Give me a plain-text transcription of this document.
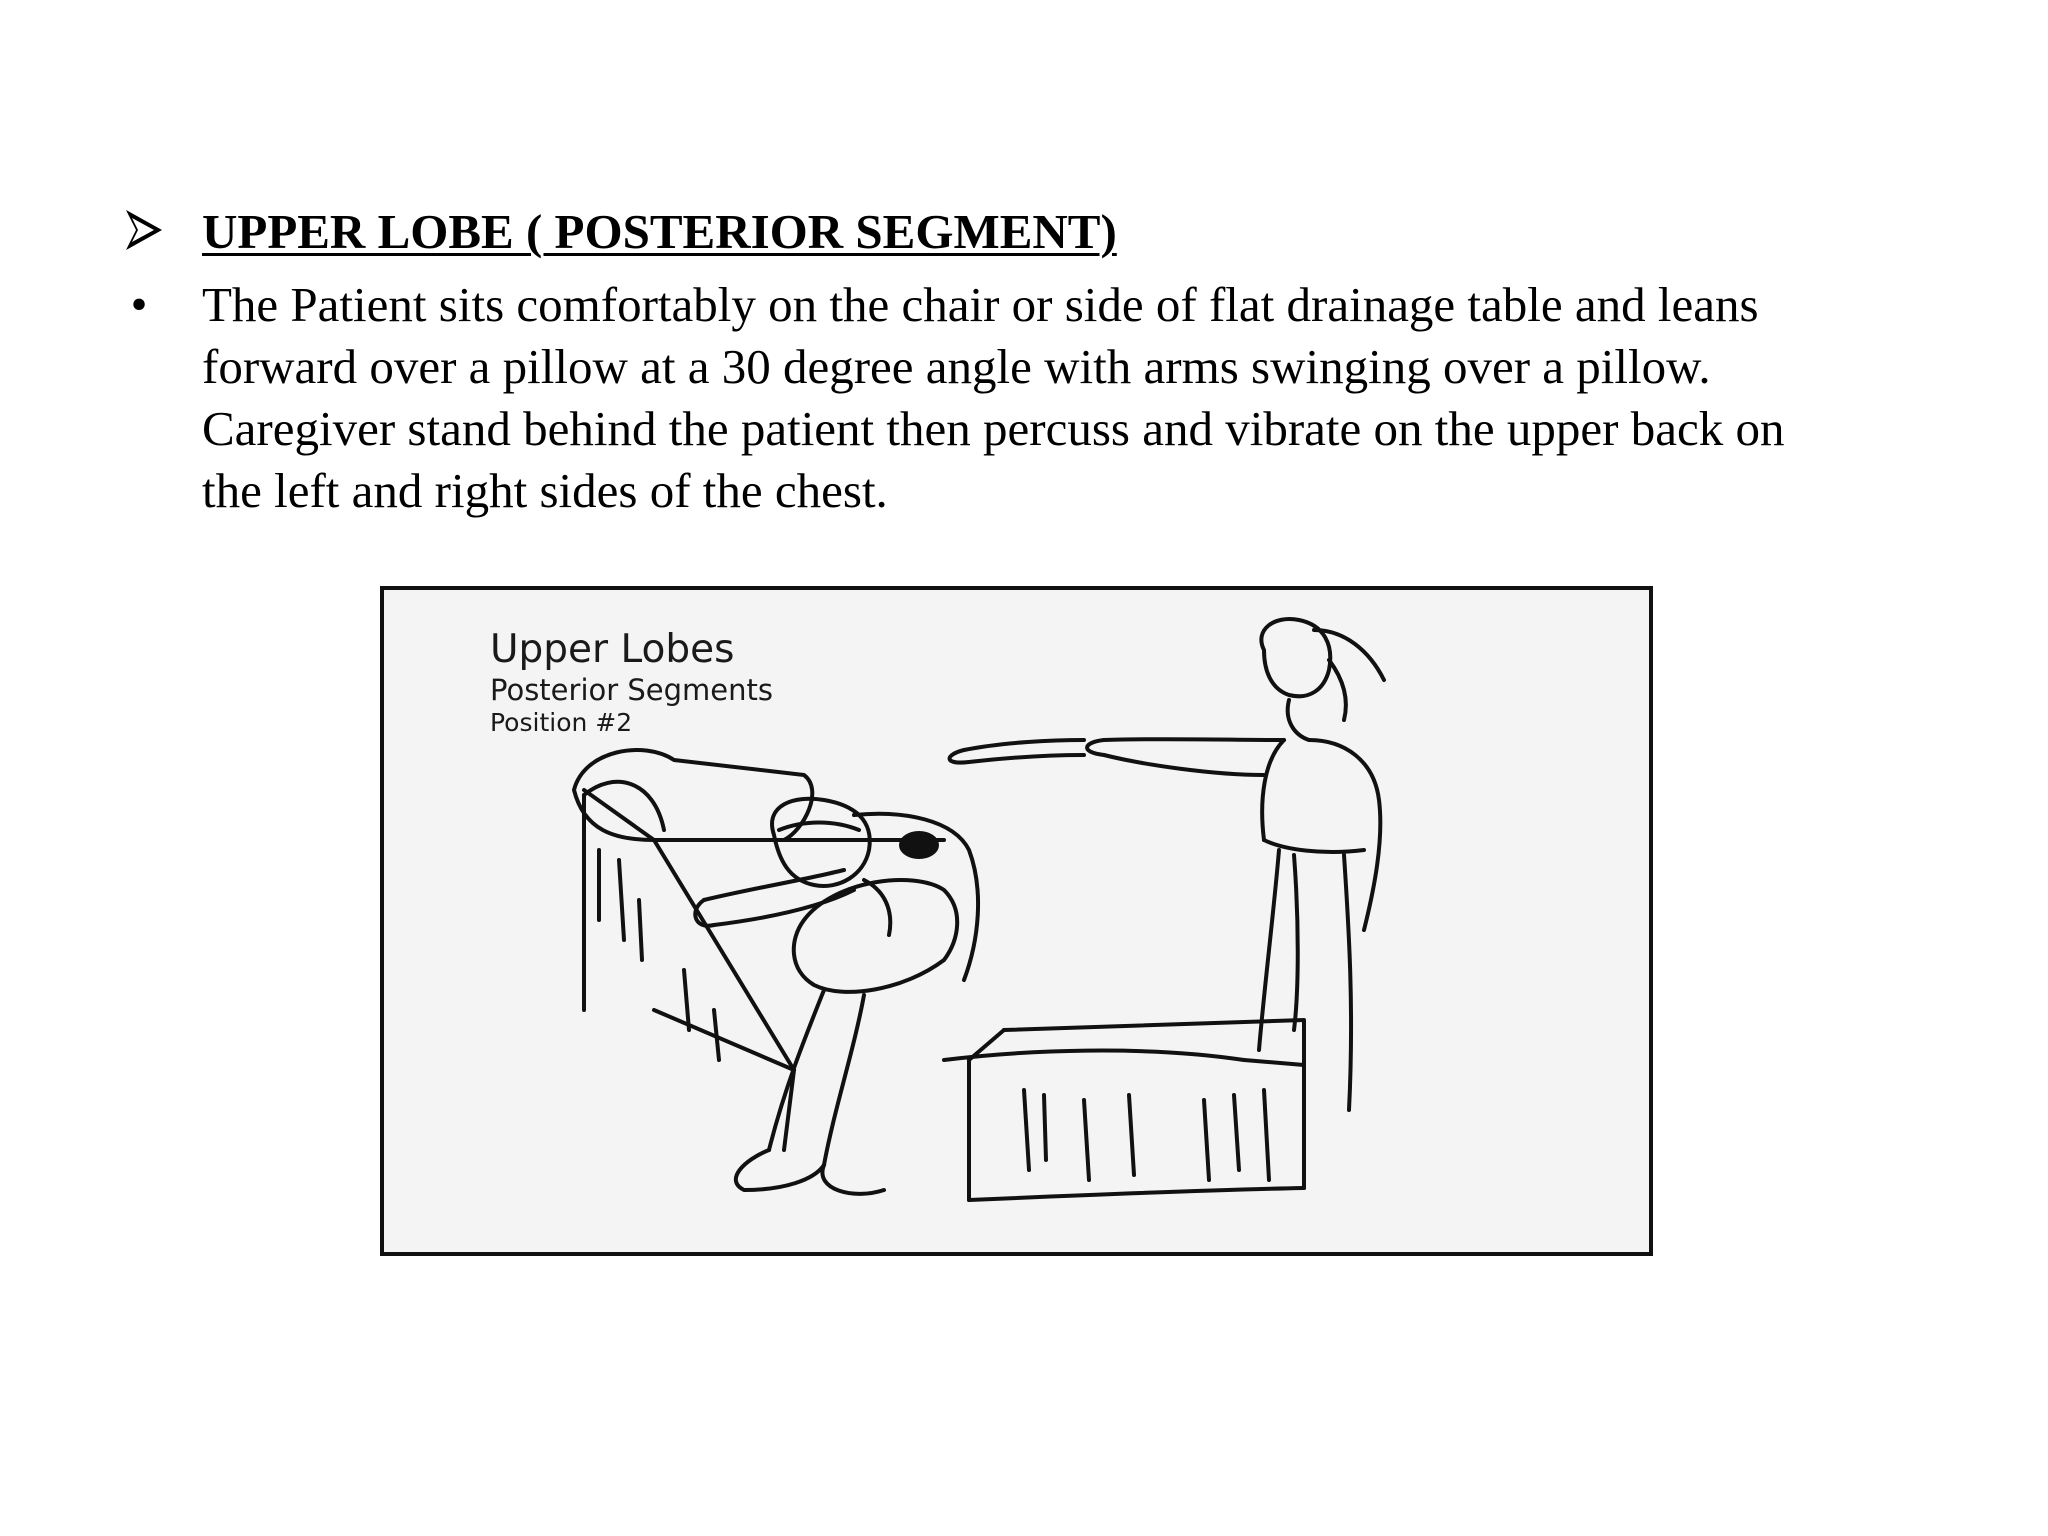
UPPER LOBE ( POSTERIOR SEGMENT)
• The Patient sits comfortably on the chair or side of flat drainage table and leans
forward over a pillow at a 30 degree angle with arms swinging over a pillow.
Caregiver stand behind the patient then percuss and vibrate on the upper back on
the left and right sides of the chest.
Upper Lobes
Posterior Segments
Position #2
